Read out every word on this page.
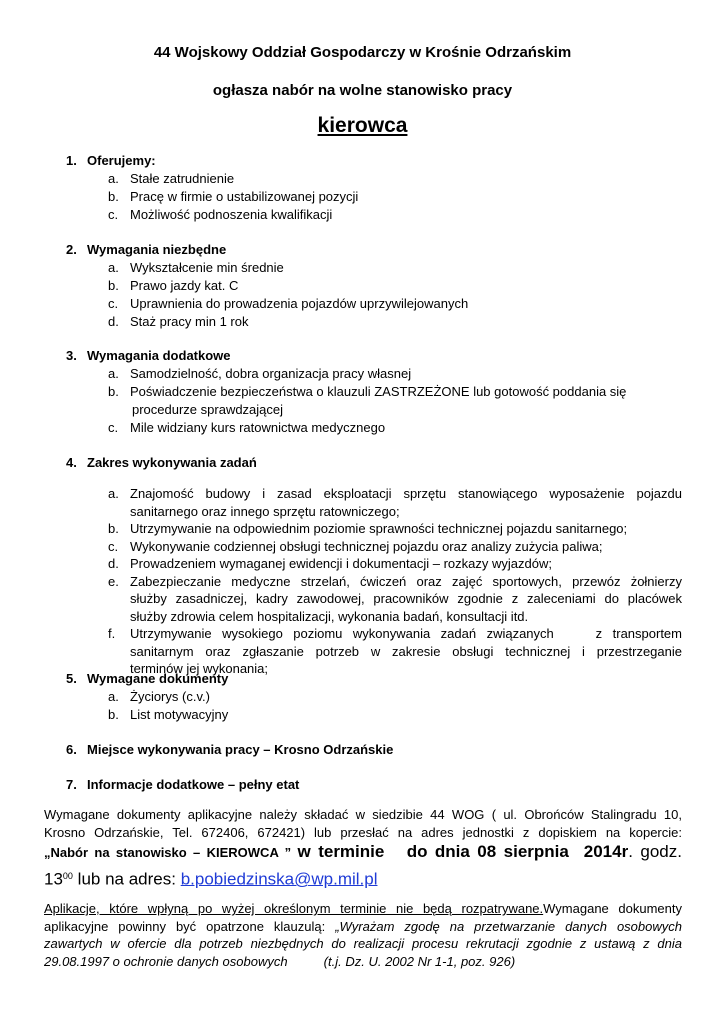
44 Wojskowy Oddział Gospodarczy w Krośnie Odrzańskim
ogłasza nabór na wolne stanowisko pracy
kierowca
1. Oferujemy:
a. Stałe zatrudnienie
b. Pracę w firmie o ustabilizowanej pozycji
c. Możliwość podnoszenia kwalifikacji
2. Wymagania niezbędne
a. Wykształcenie min średnie
b. Prawo jazdy kat. C
c. Uprawnienia do prowadzenia pojazdów uprzywilejowanych
d. Staż pracy min 1 rok
3. Wymagania dodatkowe
a. Samodzielność, dobra organizacja pracy własnej
b. Poświadczenie bezpieczeństwa o klauzuli ZASTRZEŻONE lub gotowość poddania się
procedurze sprawdzającej
c. Mile widziany kurs ratownictwa medycznego
4. Zakres wykonywania zadań
a. Znajomość budowy i zasad eksploatacji sprzętu stanowiącego wyposażenie pojazdu
sanitarnego oraz innego sprzętu ratowniczego;
b. Utrzymywanie na odpowiednim poziomie sprawności technicznej pojazdu sanitarnego;
c. Wykonywanie codziennej obsługi technicznej pojazdu oraz analizy zużycia paliwa;
d. Prowadzeniem wymaganej ewidencji i dokumentacji – rozkazy wyjazdów;
e. Zabezpieczanie medyczne strzelań, ćwiczeń oraz zajęć sportowych, przewóz żołnierzy
służby zasadniczej, kadry zawodowej, pracowników zgodnie z zaleceniami do placówek
służby zdrowia celem hospitalizacji, wykonania badań, konsultacji itd.
f. Utrzymywanie wysokiego poziomu wykonywania zadań związanych    z transportem
sanitarnym oraz zgłaszanie potrzeb w zakresie obsługi technicznej i przestrzeganie
terminów jej wykonania;
5. Wymagane dokumenty
a. Życiorys (c.v.)
b. List motywacyjny
6. Miejsce wykonywania pracy – Krosno Odrzańskie
7. Informacje dodatkowe – pełny etat
Wymagane dokumenty aplikacyjne należy składać w siedzibie 44 WOG ( ul. Obrońców Stalingradu 10,
Krosno Odrzańskie, Tel. 672406, 672421) lub przesłać na adres jednostki z dopiskiem na kopercie:
„Nabór na stanowisko – KIEROWCA ” w terminie   do dnia 08 sierpnia  2014r. godz.
$13^{00}$ lub na adres: b.pobiedzinska@wp.mil.pl
Aplikacje, które wpłyną po wyżej określonym terminie nie będą rozpatrywane.Wymagane dokumenty
aplikacyjne powinny być opatrzone klauzulą: „Wyrażam zgodę na przetwarzanie danych osobowych
zawartych w ofercie dla potrzeb niezbędnych do realizacji procesu rekrutacji zgodnie z ustawą z dnia
29.08.1997 o ochronie danych osobowych          (t.j. Dz. U. 2002 Nr 1-1, poz. 926)
